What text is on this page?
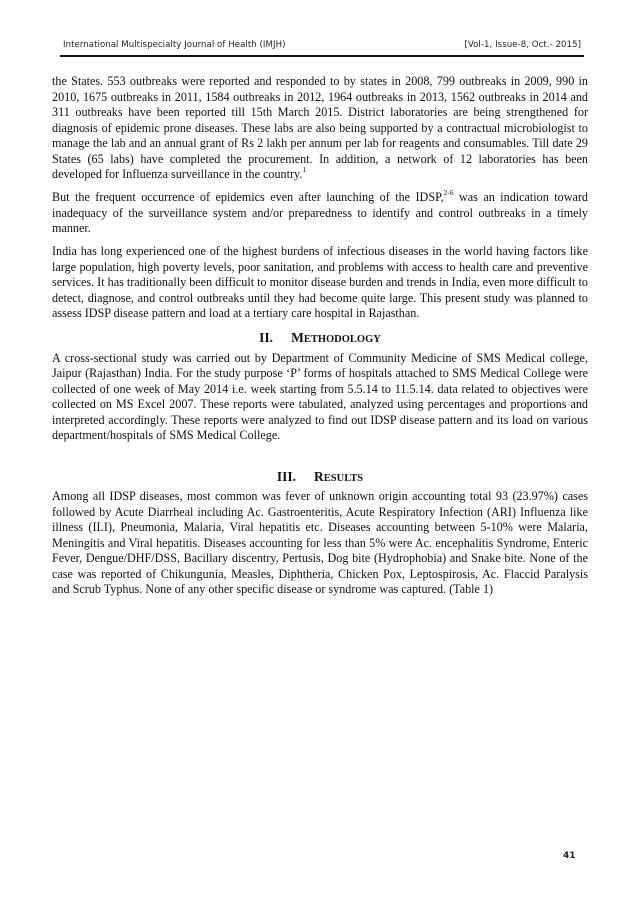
International Multispecialty Journal of Health (IMJH)	[Vol-1, Issue-8, Oct.- 2015]

the States. 553 outbreaks were reported and responded to by states in 2008, 799 outbreaks in 2009, 990 in 2010, 1675 outbreaks in 2011, 1584 outbreaks in 2012, 1964 outbreaks in 2013, 1562 outbreaks in 2014 and 311 outbreaks have been reported till 15th March 2015. District laboratories are being strengthened for diagnosis of epidemic prone diseases. These labs are also being supported by a contractual microbiologist to manage the lab and an annual grant of Rs 2 lakh per annum per lab for reagents and consumables. Till date 29 States (65 labs) have completed the procurement. In addition, a network of 12 laboratories has been developed for Influenza surveillance in the country.$^1$

But the frequent occurrence of epidemics even after launching of the IDSP,$^{2-6}$ was an indication toward inadequacy of the surveillance system and/or preparedness to identify and control outbreaks in a timely manner.

India has long experienced one of the highest burdens of infectious diseases in the world having factors like large population, high poverty levels, poor sanitation, and problems with access to health care and preventive services. It has traditionally been difficult to monitor disease burden and trends in India, even more difficult to detect, diagnose, and control outbreaks until they had become quite large. This present study was planned to assess IDSP disease pattern and load at a tertiary care hospital in Rajasthan.

II. METHODOLOGY

A cross-sectional study was carried out by Department of Community Medicine of SMS Medical college, Jaipur (Rajasthan) India. For the study purpose ‘P’ forms of hospitals attached to SMS Medical College were collected of one week of May 2014 i.e. week starting from 5.5.14 to 11.5.14. data related to objectives were collected on MS Excel 2007. These reports were tabulated, analyzed using percentages and proportions and interpreted accordingly. These reports were analyzed to find out IDSP disease pattern and its load on various department/hospitals of SMS Medical College.

III. RESULTS

Among all IDSP diseases, most common was fever of unknown origin accounting total 93 (23.97%) cases followed by Acute Diarrheal including Ac. Gastroenteritis, Acute Respiratory Infection (ARI) Influenza like illness (ILI), Pneumonia, Malaria, Viral hepatitis etc. Diseases accounting between 5-10% were Malaria, Meningitis and Viral hepatitis. Diseases accounting for less than 5% were Ac. encephalitis Syndrome, Enteric Fever, Dengue/DHF/DSS, Bacillary discentry, Pertusis, Dog bite (Hydrophobia) and Snake bite. None of the case was reported of Chikungunia, Measles, Diphtheria, Chicken Pox, Leptospirosis, Ac. Flaccid Paralysis and Scrub Typhus. None of any other specific disease or syndrome was captured. (Table 1)

41
